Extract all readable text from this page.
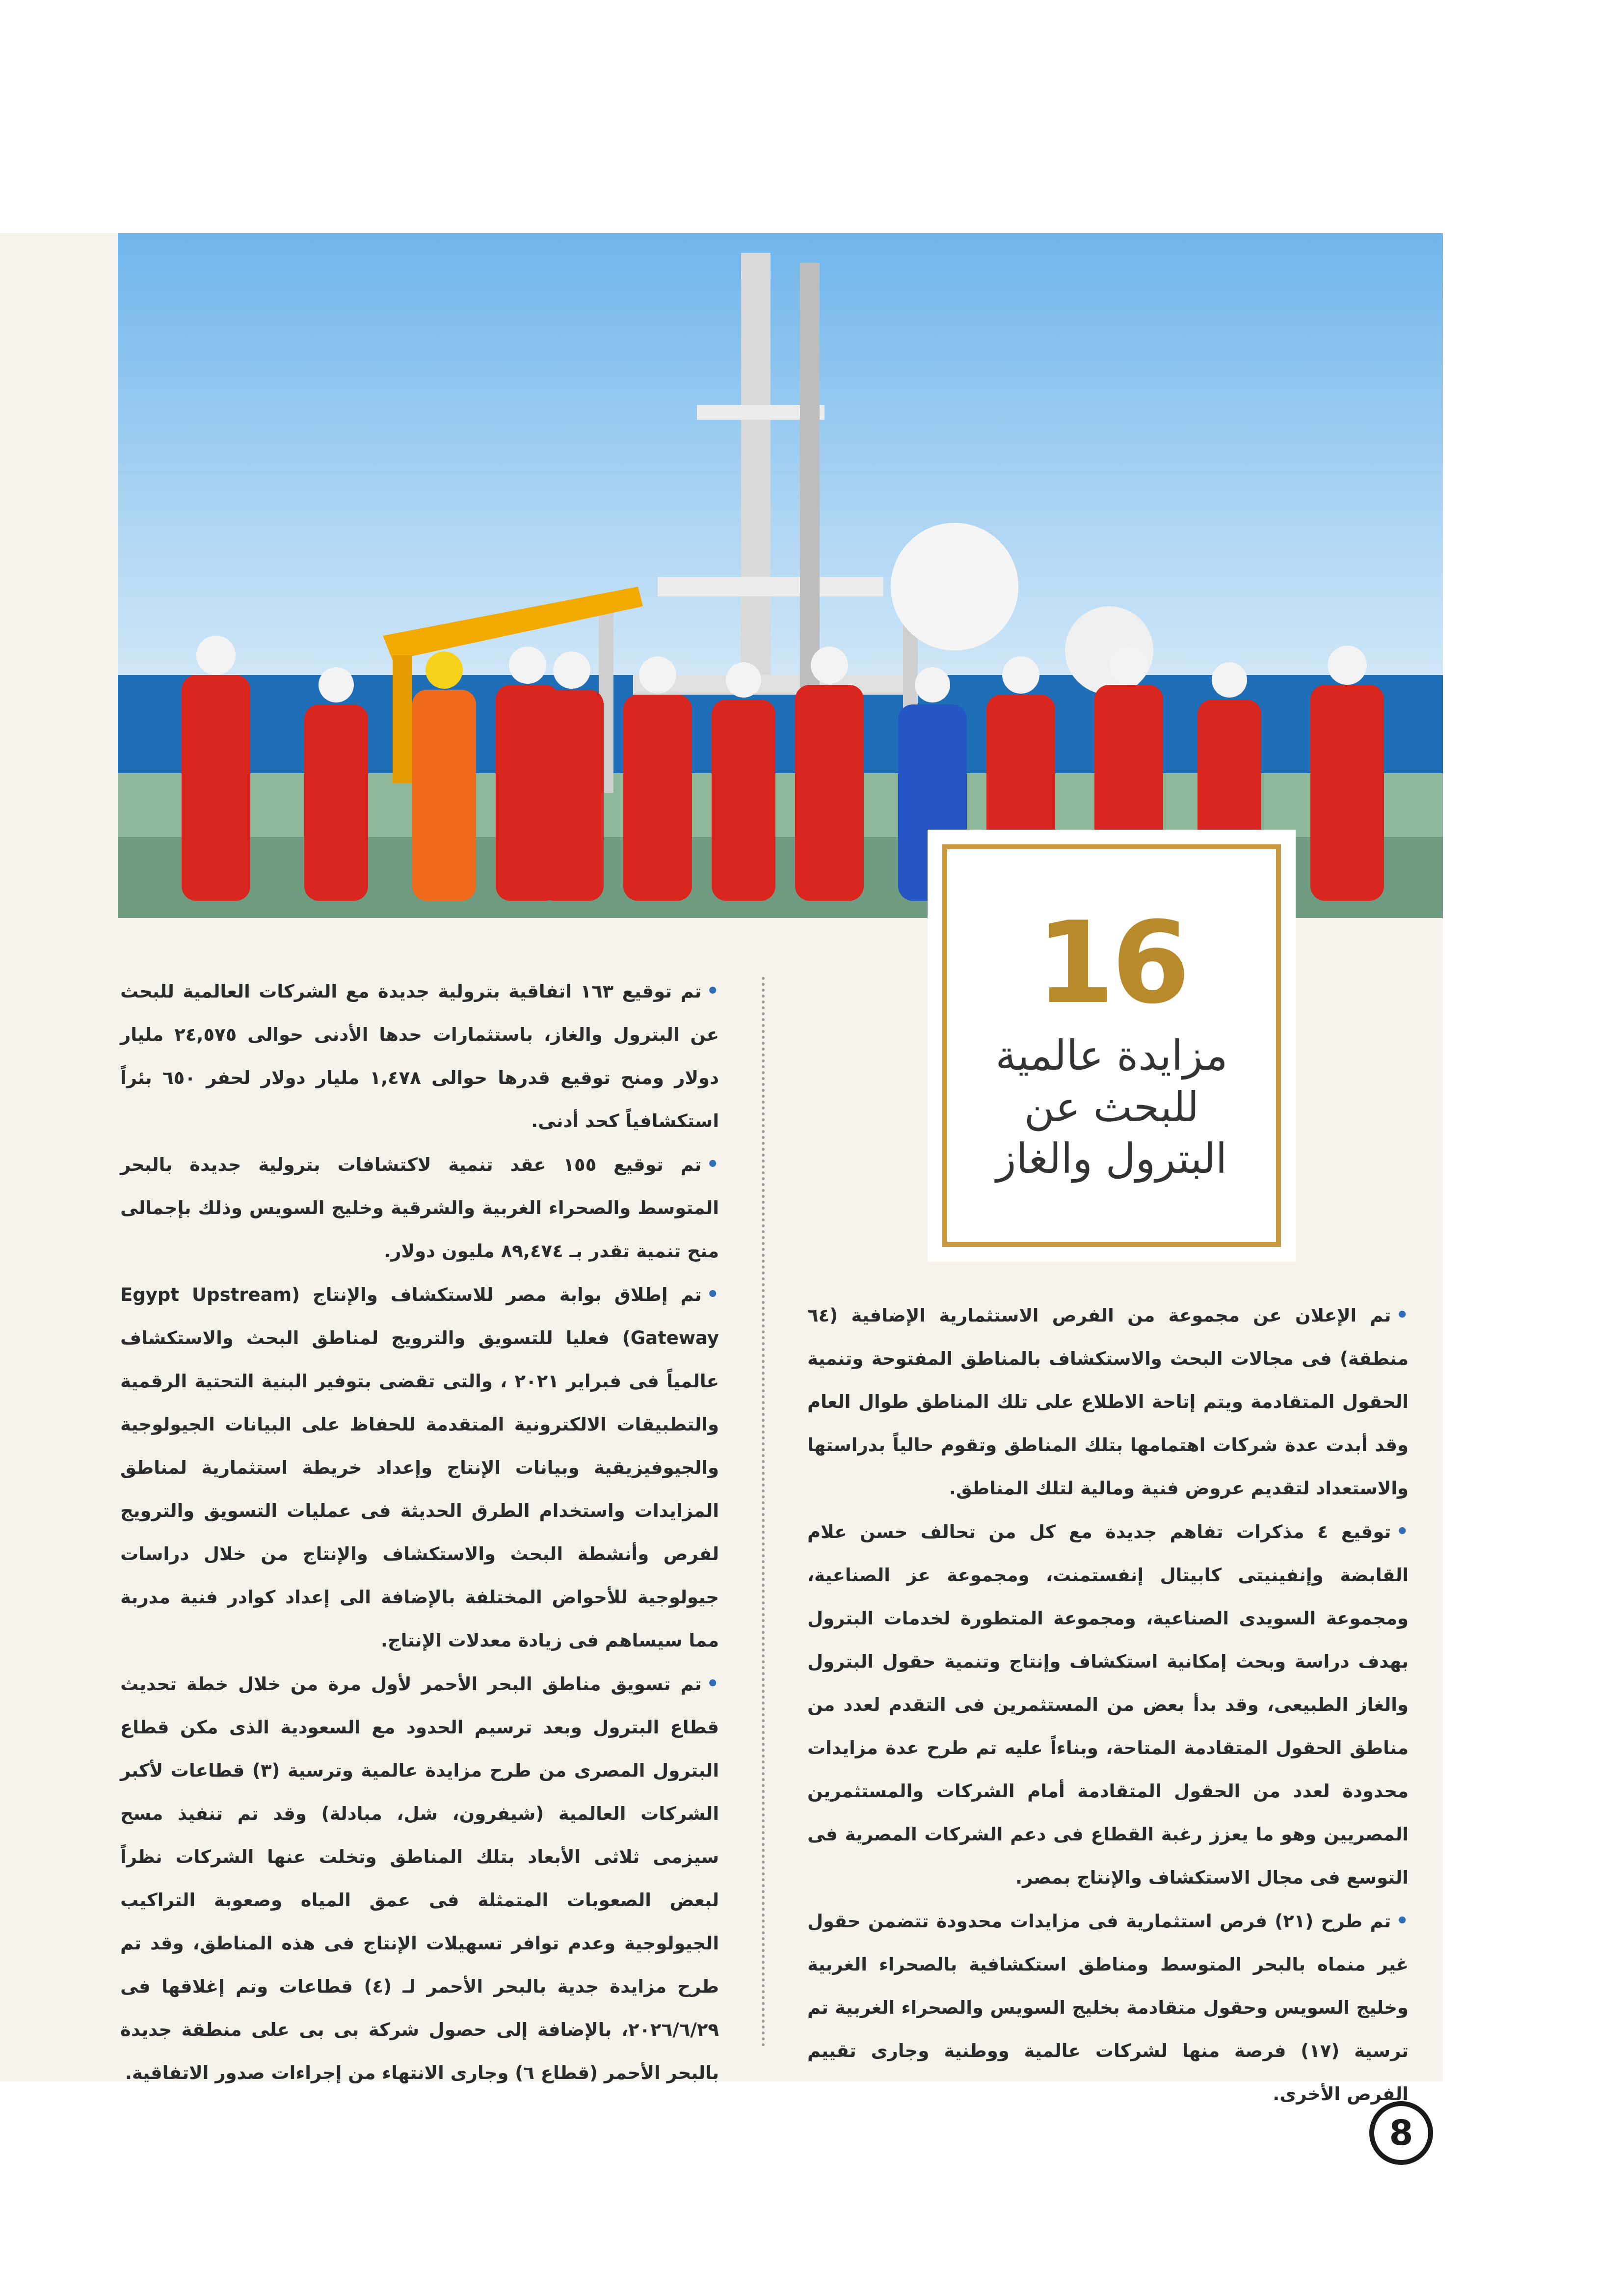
16
مزايدة عالمية للبحث عن البترول والغاز

•تم الإعلان عن مجموعة من الفرص الاستثمارية الإضافية (٦٤ منطقة) فى مجالات البحث والاستكشاف بالمناطق المفتوحة وتنمية الحقول المتقادمة ويتم إتاحة الاطلاع على تلك المناطق طوال العام وقد أبدت عدة شركات اهتمامها بتلك المناطق وتقوم حالياً بدراستها والاستعداد لتقديم عروض فنية ومالية لتلك المناطق.

•توقيع ٤ مذكرات تفاهم جديدة مع كل من تحالف حسن علام القابضة وإنفينيتى كابيتال إنفستمنت، ومجموعة عز الصناعية، ومجموعة السويدى الصناعية، ومجموعة المتطورة لخدمات البترول بهدف دراسة وبحث إمكانية استكشاف وإنتاج وتنمية حقول البترول والغاز الطبيعى، وقد بدأ بعض من المستثمرين فى التقدم لعدد من مناطق الحقول المتقادمة المتاحة، وبناءاً عليه تم طرح عدة مزايدات محدودة لعدد من الحقول المتقادمة أمام الشركات والمستثمرين المصريين وهو ما يعزز رغبة القطاع فى دعم الشركات المصرية فى التوسع فى مجال الاستكشاف والإنتاج بمصر.

•تم طرح (٢١) فرص استثمارية فى مزايدات محدودة تتضمن حقول غير منماه بالبحر المتوسط ومناطق استكشافية بالصحراء الغربية وخليج السويس وحقول متقادمة بخليج السويس والصحراء الغربية تم ترسية (١٧) فرصة منها لشركات عالمية ووطنية وجارى تقييم الفرص الأخرى.

•تم توقيع ١٦٣ اتفاقية بترولية جديدة مع الشركات العالمية للبحث عن البترول والغاز، باستثمارات حدها الأدنى حوالى ٢٤,٥٧٥ مليار دولار ومنح توقيع قدرها حوالى ١,٤٧٨ مليار دولار لحفر ٦٥٠ بئراً استكشافياً كحد أدنى.

•تم توقيع ١٥٥ عقد تنمية لاكتشافات بترولية جديدة بالبحر المتوسط والصحراء الغربية والشرقية وخليج السويس وذلك بإجمالى منح تنمية تقدر بـ ٨٩,٤٧٤ مليون دولار.

•تم إطلاق بوابة مصر للاستكشاف والإنتاج (Egypt Upstream Gateway) فعليا للتسويق والترويج لمناطق البحث والاستكشاف عالمياً فى فبراير ٢٠٢١ ، والتى تقضى بتوفير البنية التحتية الرقمية والتطبيقات الالكترونية المتقدمة للحفاظ على البيانات الجيولوجية والجيوفيزيقية وبيانات الإنتاج وإعداد خريطة استثمارية لمناطق المزايدات واستخدام الطرق الحديثة فى عمليات التسويق والترويج لفرص وأنشطة البحث والاستكشاف والإنتاج من خلال دراسات جيولوجية للأحواض المختلفة بالإضافة الى إعداد كوادر فنية مدربة مما سيساهم فى زيادة معدلات الإنتاج.

•تم تسويق مناطق البحر الأحمر لأول مرة من خلال خطة تحديث قطاع البترول وبعد ترسيم الحدود مع السعودية الذى مكن قطاع البترول المصرى من طرح مزايدة عالمية وترسية (٣) قطاعات لأكبر الشركات العالمية (شيفرون، شل، مبادلة) وقد تم تنفيذ مسح سيزمى ثلاثى الأبعاد بتلك المناطق وتخلت عنها الشركات نظراً لبعض الصعوبات المتمثلة فى عمق المياه وصعوبة التراكيب الجيولوجية وعدم توافر تسهيلات الإنتاج فى هذه المناطق، وقد تم طرح مزايدة جدية بالبحر الأحمر لـ (٤) قطاعات وتم إغلاقها فى ٢٠٢٦/٦/٢٩، بالإضافة إلى حصول شركة بى بى على منطقة جديدة بالبحر الأحمر (قطاع ٦) وجارى الانتهاء من إجراءات صدور الاتفاقية.

8
